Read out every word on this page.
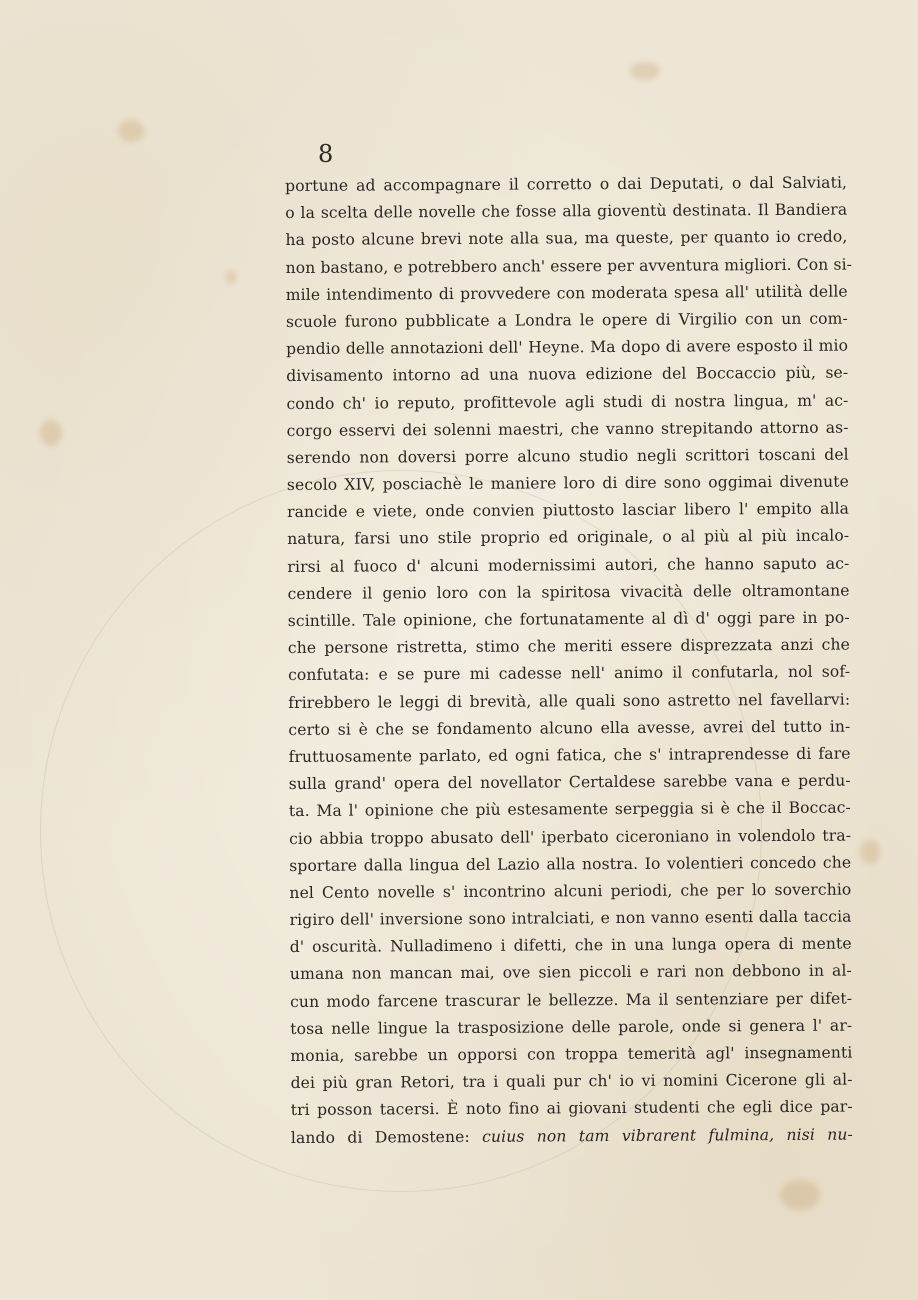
8
portune ad accompagnare il corretto o dai Deputati, o dal Salviati,
o la scelta delle novelle che fosse alla gioventù destinata. Il Bandiera
ha posto alcune brevi note alla sua, ma queste, per quanto io credo,
non bastano, e potrebbero anch' essere per avventura migliori. Con si-
mile intendimento di provvedere con moderata spesa all' utilità delle
scuole furono pubblicate a Londra le opere di Virgilio con un com-
pendio delle annotazioni dell' Heyne. Ma dopo di avere esposto il mio
divisamento intorno ad una nuova edizione del Boccaccio più, se-
condo ch' io reputo, profittevole agli studi di nostra lingua, m' ac-
corgo esservi dei solenni maestri, che vanno strepitando attorno as-
serendo non doversi porre alcuno studio negli scrittori toscani del
secolo XIV, posciachè le maniere loro di dire sono oggimai divenute
rancide e viete, onde convien piuttosto lasciar libero l' empito alla
natura, farsi uno stile proprio ed originale, o al più al più incalo-
rirsi al fuoco d' alcuni modernissimi autori, che hanno saputo ac-
cendere il genio loro con la spiritosa vivacità delle oltramontane
scintille. Tale opinione, che fortunatamente al dì d' oggi pare in po-
che persone ristretta, stimo che meriti essere disprezzata anzi che
confutata: e se pure mi cadesse nell' animo il confutarla, nol sof-
frirebbero le leggi di brevità, alle quali sono astretto nel favellarvi:
certo si è che se fondamento alcuno ella avesse, avrei del tutto in-
fruttuosamente parlato, ed ogni fatica, che s' intraprendesse di fare
sulla grand' opera del novellator Certaldese sarebbe vana e perdu-
ta. Ma l' opinione che più estesamente serpeggia si è che il Boccac-
cio abbia troppo abusato dell' iperbato ciceroniano in volendolo tra-
sportare dalla lingua del Lazio alla nostra. Io volentieri concedo che
nel Cento novelle s' incontrino alcuni periodi, che per lo soverchio
rigiro dell' inversione sono intralciati, e non vanno esenti dalla taccia
d' oscurità. Nulladimeno i difetti, che in una lunga opera di mente
umana non mancan mai, ove sien piccoli e rari non debbono in al-
cun modo farcene trascurar le bellezze. Ma il sentenziare per difet-
tosa nelle lingue la trasposizione delle parole, onde si genera l' ar-
monia, sarebbe un opporsi con troppa temerità agl' insegnamenti
dei più gran Retori, tra i quali pur ch' io vi nomini Cicerone gli al-
tri posson tacersi. È noto fino ai giovani studenti che egli dice par-
lando di Demostene: cuius non tam vibrarent fulmina, nisi nu-
